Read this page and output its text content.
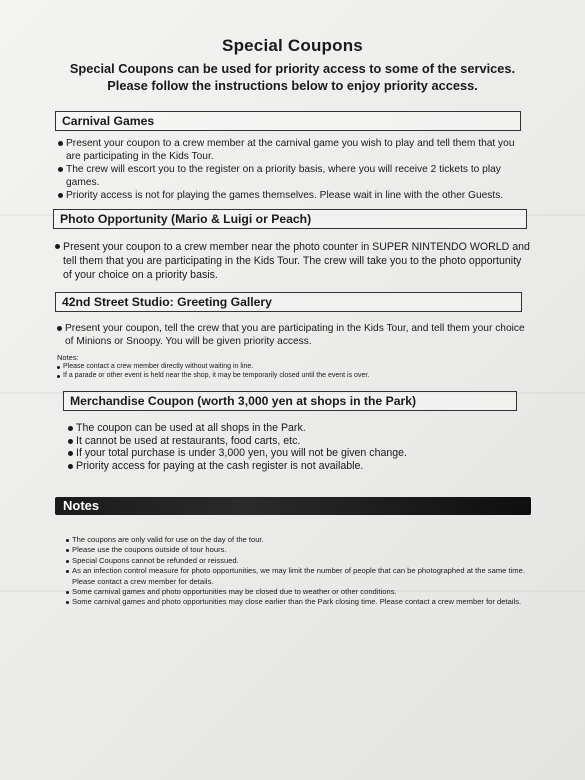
Special Coupons
Special Coupons can be used for priority access to some of the services.
Please follow the instructions below to enjoy priority access.
Carnival Games
Present your coupon to a crew member at the carnival game you wish to play and tell them that you are participating in the Kids Tour.
The crew will escort you to the register on a priority basis, where you will receive 2 tickets to play games.
Priority access is not for playing the games themselves. Please wait in line with the other Guests.
Photo Opportunity (Mario & Luigi or Peach)
Present your coupon to a crew member near the photo counter in SUPER NINTENDO WORLD and tell them that you are participating in the Kids Tour. The crew will take you to the photo opportunity of your choice on a priority basis.
42nd Street Studio: Greeting Gallery
Present your coupon, tell the crew that you are participating in the Kids Tour, and tell them your choice of Minions or Snoopy. You will be given priority access.
Notes:
Please contact a crew member directly without waiting in line.
If a parade or other event is held near the shop, it may be temporarily closed until the event is over.
Merchandise Coupon (worth 3,000 yen at shops in the Park)
The coupon can be used at all shops in the Park.
It cannot be used at restaurants, food carts, etc.
If your total purchase is under 3,000 yen, you will not be given change.
Priority access for paying at the cash register is not available.
Notes
The coupons are only valid for use on the day of the tour.
Please use the coupons outside of tour hours.
Special Coupons cannot be refunded or reissued.
As an infection control measure for photo opportunities, we may limit the number of people that can be photographed at the same time. Please contact a crew member for details.
Some carnival games and photo opportunities may be closed due to weather or other conditions.
Some carnival games and photo opportunities may close earlier than the Park closing time. Please contact a crew member for details.
